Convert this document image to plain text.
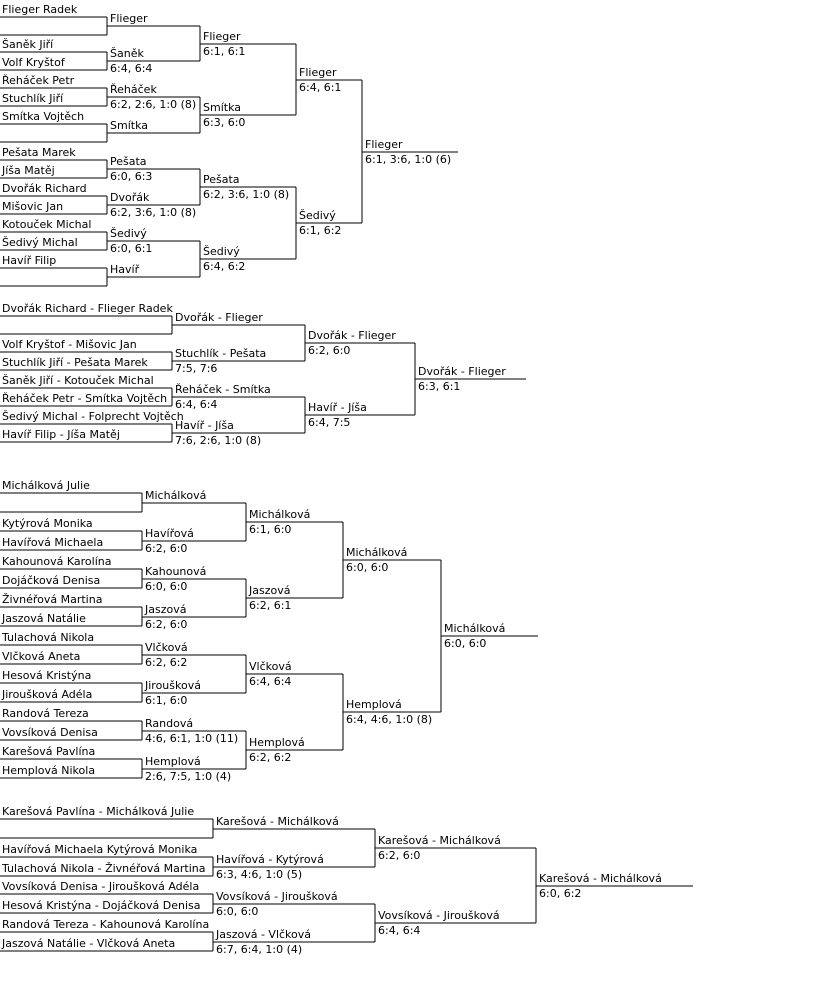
Flieger Radek
Šaněk Jiří
Volf Kryštof
Řeháček Petr
Stuchlík Jiří
Smítka Vojtěch
Pešata Marek
Jíša Matěj
Dvořák Richard
Mišovic Jan
Kotouček Michal
Šedivý Michal
Havíř Filip
Flieger
Šaněk
6:4, 6:4
Řeháček
6:2, 2:6, 1:0 (8)
Smítka
Pešata
6:0, 6:3
Dvořák
6:2, 3:6, 1:0 (8)
Šedivý
6:0, 6:1
Havíř
Flieger
6:1, 6:1
Smítka
6:3, 6:0
Pešata
6:2, 3:6, 1:0 (8)
Šedivý
6:4, 6:2
Flieger
6:4, 6:1
Šedivý
6:1, 6:2
Flieger
6:1, 3:6, 1:0 (6)
Dvořák Richard - Flieger Radek
Volf Kryštof - Mišovic Jan
Stuchlík Jiří - Pešata Marek
Šaněk Jiří - Kotouček Michal
Řeháček Petr - Smítka Vojtěch
Šedivý Michal - Folprecht Vojtěch
Havíř Filip - Jíša Matěj
Dvořák - Flieger
Stuchlík - Pešata
7:5, 7:6
Řeháček - Smítka
6:4, 6:4
Havíř - Jíša
7:6, 2:6, 1:0 (8)
Dvořák - Flieger
6:2, 6:0
Havíř - Jíša
6:4, 7:5
Dvořák - Flieger
6:3, 6:1
Michálková Julie
Kytýrová Monika
Havířová Michaela
Kahounová Karolína
Dojáčková Denisa
Živnéřová Martina
Jaszová Natálie
Tulachová Nikola
Vlčková Aneta
Hesová Kristýna
Jiroušková Adéla
Randová Tereza
Vovsíková Denisa
Karešová Pavlína
Hemplová Nikola
Michálková
Havířová
6:2, 6:0
Kahounová
6:0, 6:0
Jaszová
6:2, 6:0
Vlčková
6:2, 6:2
Jiroušková
6:1, 6:0
Randová
4:6, 6:1, 1:0 (11)
Hemplová
2:6, 7:5, 1:0 (4)
Michálková
6:1, 6:0
Jaszová
6:2, 6:1
Vlčková
6:4, 6:4
Hemplová
6:2, 6:2
Michálková
6:0, 6:0
Hemplová
6:4, 4:6, 1:0 (8)
Michálková
6:0, 6:0
Karešová Pavlína - Michálková Julie
Havířová Michaela Kytýrová Monika
Tulachová Nikola - Živnéřová Martina
Vovsíková Denisa - Jiroušková Adéla
Hesová Kristýna - Dojáčková Denisa
Randová Tereza - Kahounová Karolína
Jaszová Natálie - Vlčková Aneta
Karešová - Michálková
Havířová - Kytýrová
6:3, 4:6, 1:0 (5)
Vovsíková - Jiroušková
6:0, 6:0
Jaszová - Vlčková
6:7, 6:4, 1:0 (4)
Karešová - Michálková
6:2, 6:0
Vovsíková - Jiroušková
6:4, 6:4
Karešová - Michálková
6:0, 6:2
